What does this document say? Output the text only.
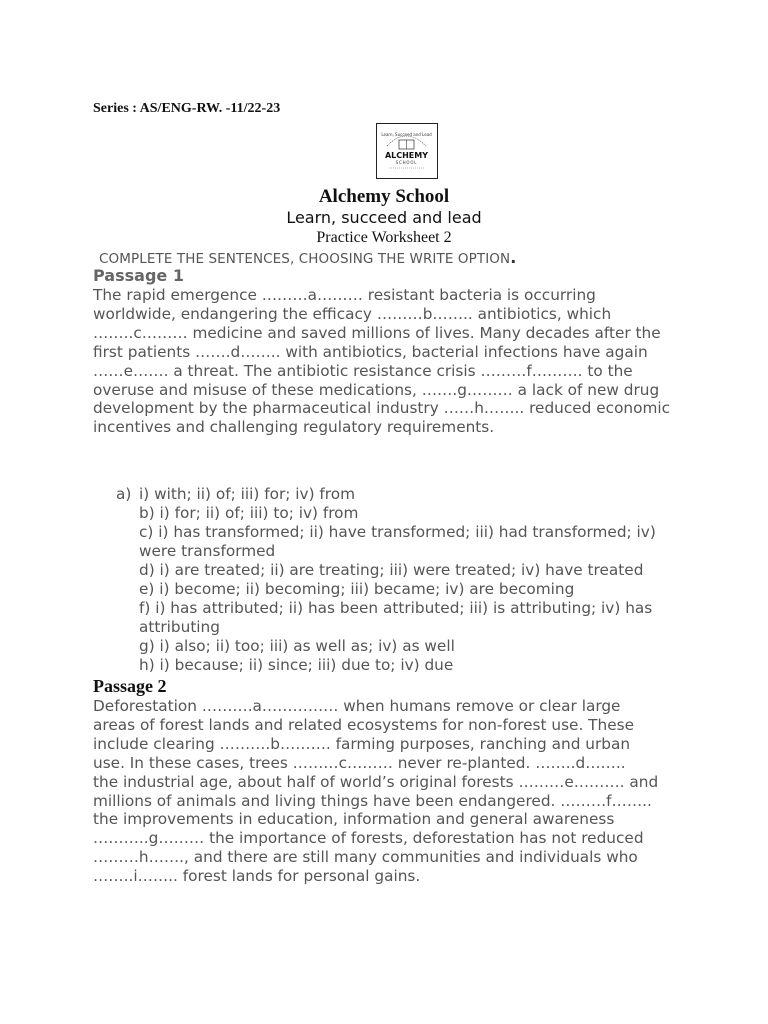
Series : AS/ENG-RW. -11/22-23
Learn, Succeed and Lead
ALCHEMY
SCHOOL
Alchemy School
Learn, succeed and lead
Practice Worksheet 2
COMPLETE THE SENTENCES, CHOOSING THE WRITE OPTION.
Passage 1
The rapid emergence ………a……… resistant bacteria is occurring
worldwide, endangering the efficacy ………b…….. antibiotics, which
……..c……… medicine and saved millions of lives. Many decades after the
first patients …….d…….. with antibiotics, bacterial infections have again
……e……. a threat. The antibiotic resistance crisis ………f………. to the
overuse and misuse of these medications, …….g……… a lack of new drug
development by the pharmaceutical industry ……h…….. reduced economic
incentives and challenging regulatory requirements.
a) i) with; ii) of; iii) for; iv) from
b) i) for; ii) of; iii) to; iv) from
c) i) has transformed; ii) have transformed; iii) had transformed; iv)
were transformed
d) i) are treated; ii) are treating; iii) were treated; iv) have treated
e) i) become; ii) becoming; iii) became; iv) are becoming
f) i) has attributed; ii) has been attributed; iii) is attributing; iv) has
attributing
g) i) also; ii) too; iii) as well as; iv) as well
h) i) because; ii) since; iii) due to; iv) due
Passage 2
Deforestation ……….a…………… when humans remove or clear large
areas of forest lands and related ecosystems for non-forest use. These
include clearing ……….b………. farming purposes, ranching and urban
use. In these cases, trees ………c……… never re-planted. ……..d……..
the industrial age, about half of world’s original forests ………e………. and
millions of animals and living things have been endangered. ………f……..
the improvements in education, information and general awareness
………..g……… the importance of forests, deforestation has not reduced
………h……., and there are still many communities and individuals who
……..i…….. forest lands for personal gains.
